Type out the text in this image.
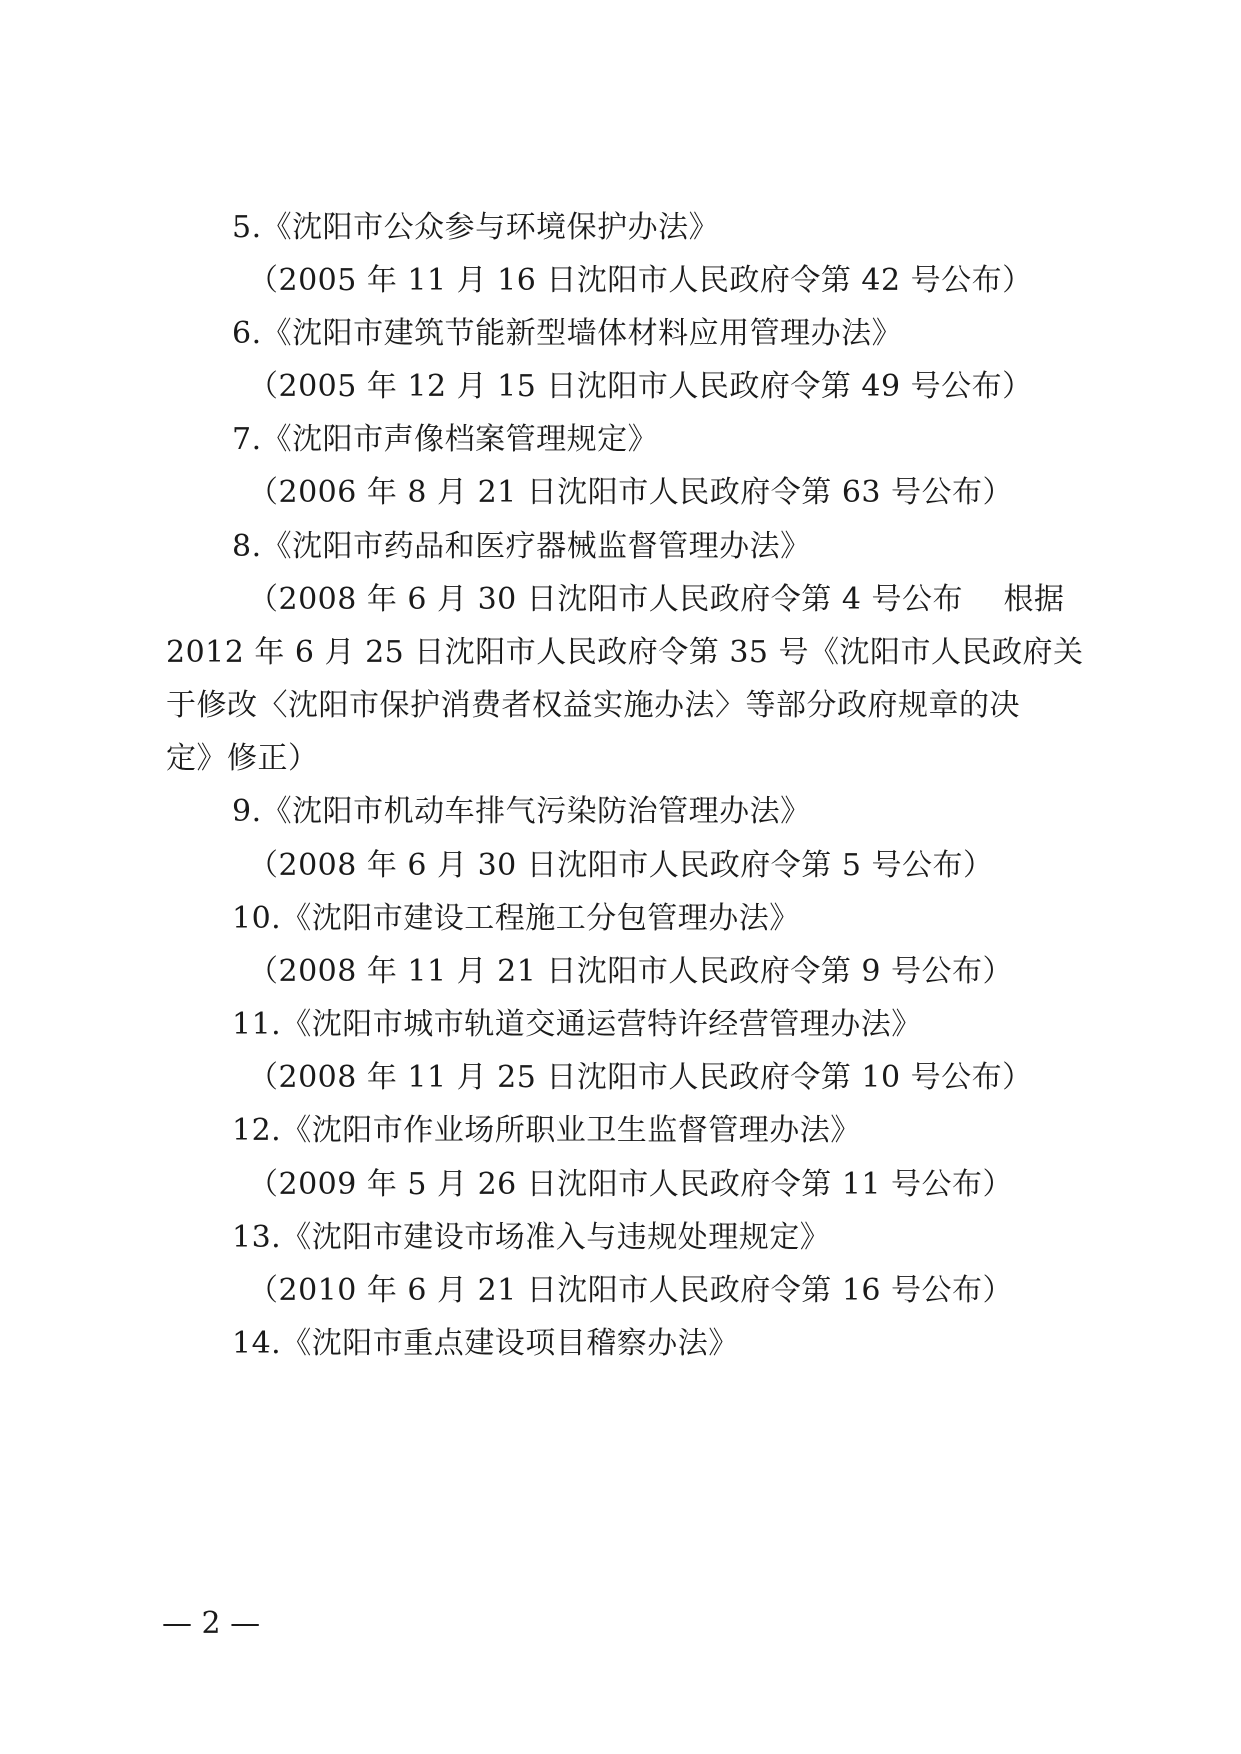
5.《沈阳市公众参与环境保护办法》
（2005 年 11 月 16 日沈阳市人民政府令第 42 号公布）
6.《沈阳市建筑节能新型墙体材料应用管理办法》
（2005 年 12 月 15 日沈阳市人民政府令第 49 号公布）
7.《沈阳市声像档案管理规定》
（2006 年 8 月 21 日沈阳市人民政府令第 63 号公布）
8.《沈阳市药品和医疗器械监督管理办法》
（2008 年 6 月 30 日沈阳市人民政府令第 4 号公布　 根据
2012 年 6 月 25 日沈阳市人民政府令第 35 号《沈阳市人民政府关
于修改〈沈阳市保护消费者权益实施办法〉等部分政府规章的决
定》修正）
9.《沈阳市机动车排气污染防治管理办法》
（2008 年 6 月 30 日沈阳市人民政府令第 5 号公布）
10.《沈阳市建设工程施工分包管理办法》
（2008 年 11 月 21 日沈阳市人民政府令第 9 号公布）
11.《沈阳市城市轨道交通运营特许经营管理办法》
（2008 年 11 月 25 日沈阳市人民政府令第 10 号公布）
12.《沈阳市作业场所职业卫生监督管理办法》
（2009 年 5 月 26 日沈阳市人民政府令第 11 号公布）
13.《沈阳市建设市场准入与违规处理规定》
（2010 年 6 月 21 日沈阳市人民政府令第 16 号公布）
14.《沈阳市重点建设项目稽察办法》
— 2 —
